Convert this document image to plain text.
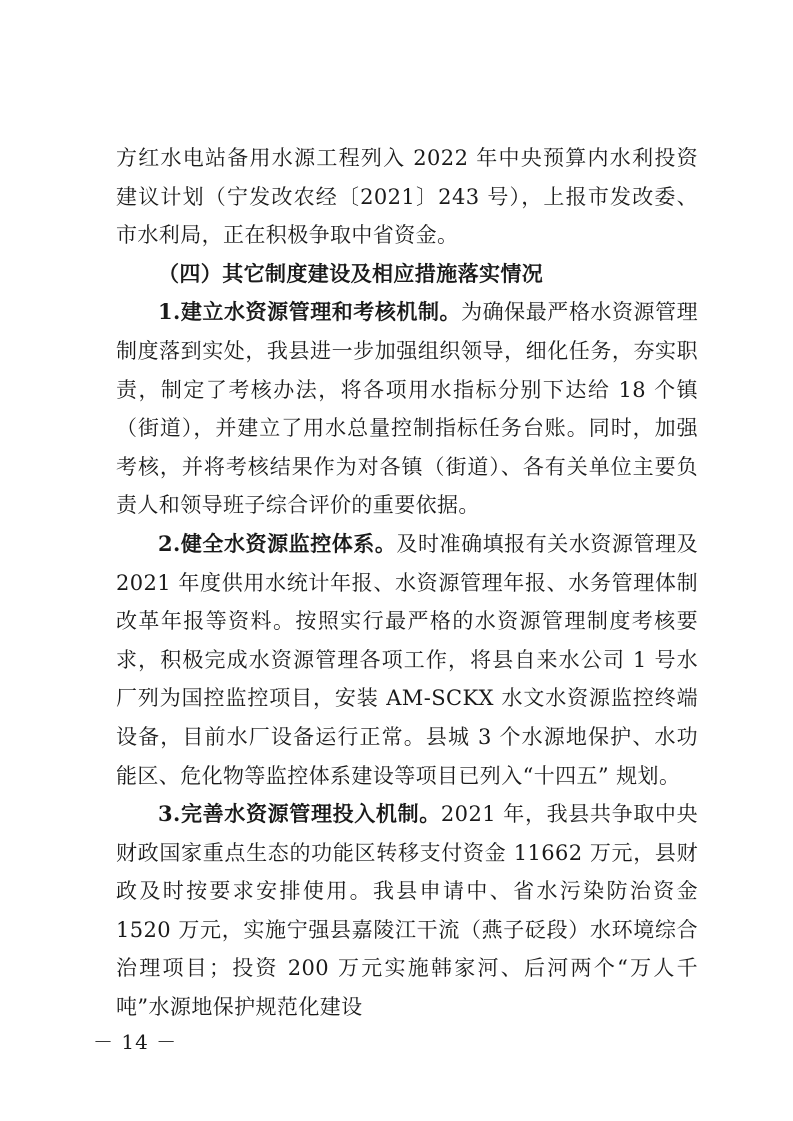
方红水电站备用水源工程列入 2022 年中央预算内水利投资建议计划（宁发改农经〔2021〕243 号），上报市发改委、市水利局，正在积极争取中省资金。

（四）其它制度建设及相应措施落实情况

1.建立水资源管理和考核机制。为确保最严格水资源管理制度落到实处，我县进一步加强组织领导，细化任务，夯实职责，制定了考核办法，将各项用水指标分别下达给 18 个镇（街道），并建立了用水总量控制指标任务台账。同时，加强考核，并将考核结果作为对各镇（街道）、各有关单位主要负责人和领导班子综合评价的重要依据。

2.健全水资源监控体系。及时准确填报有关水资源管理及 2021 年度供用水统计年报、水资源管理年报、水务管理体制改革年报等资料。按照实行最严格的水资源管理制度考核要求，积极完成水资源管理各项工作，将县自来水公司 1 号水厂列为国控监控项目，安装 AM-SCKX 水文水资源监控终端设备，目前水厂设备运行正常。县城 3 个水源地保护、水功能区、危化物等监控体系建设等项目已列入“十四五” 规划。

3.完善水资源管理投入机制。2021 年，我县共争取中央财政国家重点生态的功能区转移支付资金 11662 万元，县财政及时按要求安排使用。我县申请中、省水污染防治资金 1520 万元，实施宁强县嘉陵江干流（燕子砭段）水环境综合治理项目；投资 200 万元实施韩家河、后河两个“万人千吨”水源地保护规范化建设

－ 14 －
